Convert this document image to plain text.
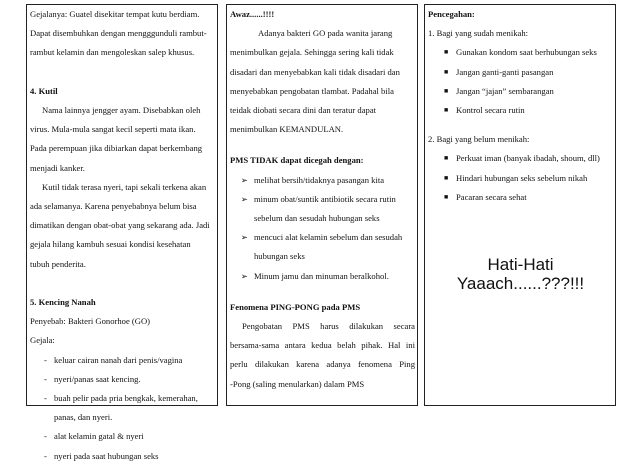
Gejalanya: Guatel disekitar tempat kutu berdiam.

Dapat disembuhkan dengan mengggunduli rambut-

rambut kelamin dan mengoleskan salep khusus.

4. Kutil

Nama lainnya jengger ayam. Disebabkan oleh

virus. Mula-mula sangat kecil seperti mata ikan.

Pada perempuan jika dibiarkan dapat berkembang

menjadi kanker.

Kutil tidak terasa nyeri, tapi sekali terkena akan

ada selamanya. Karena penyebabnya belum bisa

dimatikan dengan obat-obat yang sekarang ada. Jadi

gejala hilang kambuh sesuai kondisi kesehatan

tubuh penderita.

5. Kencing Nanah

Penyebab: Bakteri Gonorhoe (GO)

Gejala:

- keluar cairan nanah dari penis/vagina

- nyeri/panas saat kencing.

- buah pelir pada pria bengkak, kemerahan,

panas, dan nyeri.

- alat kelamin gatal & nyeri

- nyeri pada saat hubungan seks

Awaz......!!!!

Adanya bakteri GO pada wanita jarang

menimbulkan gejala. Sehingga sering kali tidak

disadari dan menyebabkan kali tidak disadari dan

menyebabkan pengobatan tlambat. Padahal bila

teidak diobati secara dini dan teratur dapat

menimbulkan KEMANDULAN.

PMS TIDAK dapat dicegah dengan:

➢ melihat bersih/tidaknya pasangan kita
➢ minum obat/suntik antibiotik secara rutin

sebelum dan sesudah hubungan seks

➢ mencuci alat kelamin sebelum dan sesudah

hubungan seks

➢ Minum jamu dan minuman beralkohol.

Fenomena PING-PONG pada PMS

Pengobatan PMS harus dilakukan secara

bersama-sama antara kedua belah pihak. Hal ini

perlu dilakukan karena adanya fenomena Ping

-Pong (saling menularkan) dalam PMS

Pencegahan:

1. Bagi yang sudah menikah:

■ Gunakan kondom saat berhubungan seks
■ Jangan ganti-ganti pasangan
■ Jangan “jajan” sembarangan
■ Kontrol secara rutin

2. Bagi yang belum menikah:

■ Perkuat iman (banyak ibadah, shoum, dll)
■ Hindari hubungan seks sebelum nikah
■ Pacaran secara sehat

Hati-Hati Yaaach......???!!!
